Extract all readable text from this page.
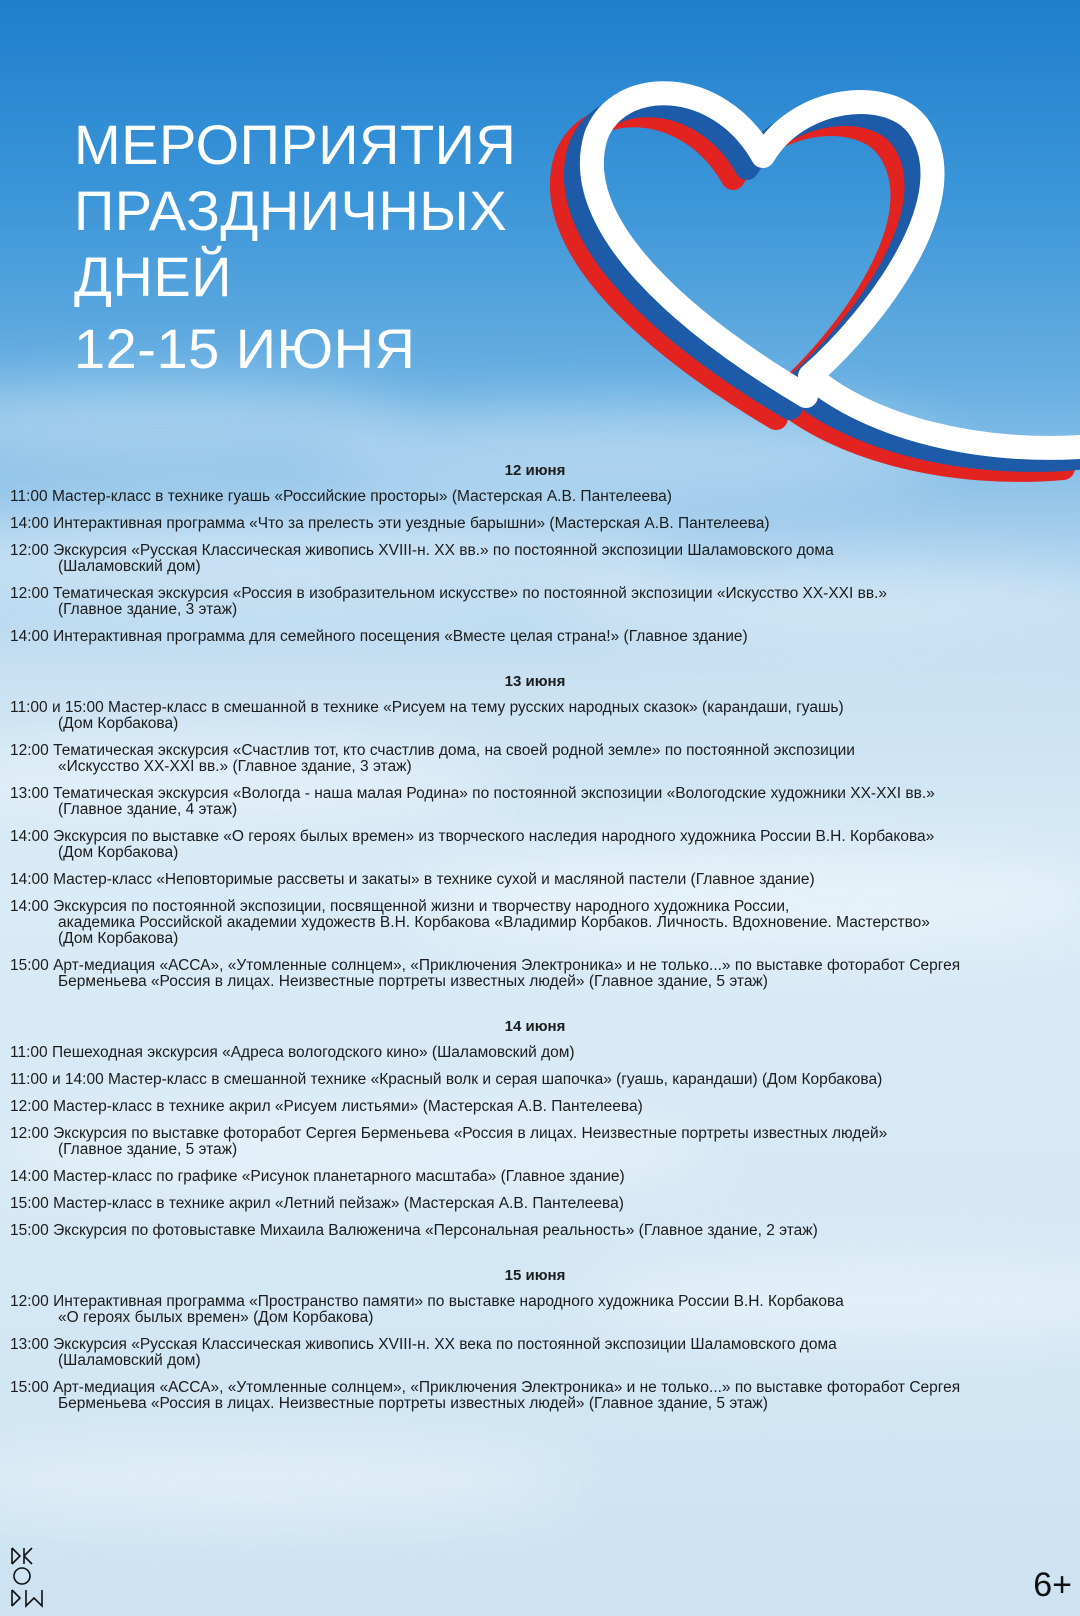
МЕРОПРИЯТИЯ
ПРАЗДНИЧНЫХ
ДНЕЙ
12-15 ИЮНЯ
12 июня
11:00 Мастер-класс в технике гуашь «Российские просторы» (Мастерская А.В. Пантелеева)
14:00 Интерактивная программа «Что за прелесть эти уездные барышни» (Мастерская А.В. Пантелеева)
12:00 Экскурсия «Русская Классическая живопись XVIII-н. XX вв.» по постоянной экспозиции Шаламовского дома
(Шаламовский дом)
12:00 Тематическая экскурсия «Россия в изобразительном искусстве» по постоянной экспозиции «Искусство XX-XXI вв.»
(Главное здание, 3 этаж)
14:00 Интерактивная программа для семейного посещения «Вместе целая страна!» (Главное здание)
13 июня
11:00 и 15:00 Мастер-класс в смешанной в технике «Рисуем на тему русских народных сказок» (карандаши, гуашь)
(Дом Корбакова)
12:00 Тематическая экскурсия «Счастлив тот, кто счастлив дома, на своей родной земле» по постоянной экспозиции
«Искусство XX-XXI вв.» (Главное здание, 3 этаж)
13:00 Тематическая экскурсия «Вологда - наша малая Родина» по постоянной экспозиции «Вологодские художники XX-XXI вв.»
(Главное здание, 4 этаж)
14:00 Экскурсия по выставке «О героях былых времен» из творческого наследия народного художника России В.Н. Корбакова»
(Дом Корбакова)
14:00 Мастер-класс «Неповторимые рассветы и закаты» в технике сухой и масляной пастели (Главное здание)
14:00 Экскурсия по постоянной экспозиции, посвященной жизни и творчеству народного художника России,
академика Российской академии художеств В.Н. Корбакова «Владимир Корбаков. Личность. Вдохновение. Мастерство»
(Дом Корбакова)
15:00 Арт-медиация «АССА», «Утомленные солнцем», «Приключения Электроника» и не только...» по выставке фоторабот Сергея
Берменьева «Россия в лицах. Неизвестные портреты известных людей» (Главное здание, 5 этаж)
14 июня
11:00 Пешеходная экскурсия «Адреса вологодского кино» (Шаламовский дом)
11:00 и 14:00 Мастер-класс в смешанной технике «Красный волк и серая шапочка» (гуашь, карандаши) (Дом Корбакова)
12:00 Мастер-класс в технике акрил «Рисуем листьями» (Мастерская А.В. Пантелеева)
12:00 Экскурсия по выставке фоторабот Сергея Берменьева «Россия в лицах. Неизвестные портреты известных людей»
(Главное здание, 5 этаж)
14:00 Мастер-класс по графике «Рисунок планетарного масштаба» (Главное здание)
15:00 Мастер-класс в технике акрил «Летний пейзаж» (Мастерская А.В. Пантелеева)
15:00 Экскурсия по фотовыставке Михаила Валюженича «Персональная реальность» (Главное здание, 2 этаж)
15 июня
12:00 Интерактивная программа «Пространство памяти» по выставке народного художника России В.Н. Корбакова
«О героях былых времен» (Дом Корбакова)
13:00 Экскурсия «Русская Классическая живопись XVIII-н. XX века по постоянной экспозиции Шаламовского дома
(Шаламовский дом)
15:00 Арт-медиация «АССА», «Утомленные солнцем», «Приключения Электроника» и не только...» по выставке фоторабот Сергея
Берменьева «Россия в лицах. Неизвестные портреты известных людей» (Главное здание, 5 этаж)
6+
